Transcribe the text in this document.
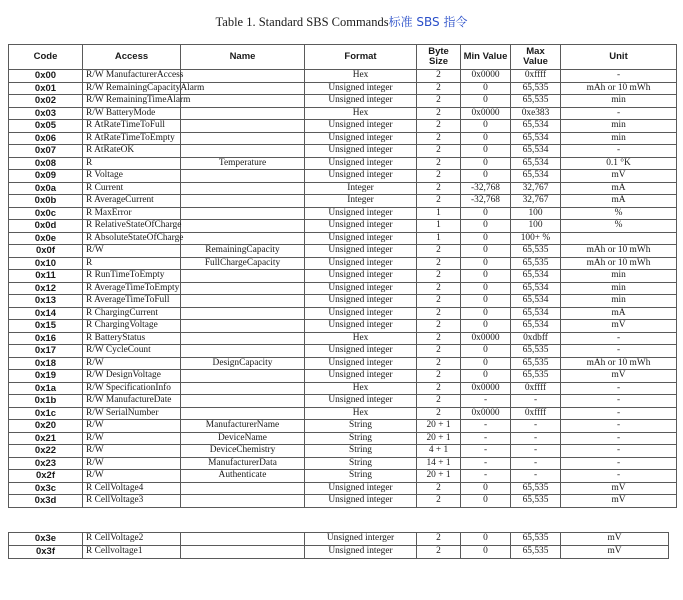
Table 1. Standard SBS Commands标准 SBS 指令
Code	Access	Name	Format	Byte Size	Min Value	Max Value	Unit
0x00	R/W ManufacturerAccess		Hex	2	0x0000	0xffff	-
0x01	R/W RemainingCapacityAlarm		Unsigned integer	2	0	65,535	mAh or 10 mWh
0x02	R/W RemainingTimeAlarm		Unsigned integer	2	0	65,535	min
0x03	R/W BatteryMode		Hex	2	0x0000	0xe383	-
0x05	R AtRateTimeToFull		Unsigned integer	2	0	65,534	min
0x06	R AtRateTimeToEmpty		Unsigned integer	2	0	65,534	min
0x07	R AtRateOK		Unsigned integer	2	0	65,534	-
0x08	R	Temperature	Unsigned integer	2	0	65,534	0.1 °K
0x09	R Voltage		Unsigned integer	2	0	65,534	mV
0x0a	R Current		Integer	2	-32,768	32,767	mA
0x0b	R AverageCurrent		Integer	2	-32,768	32,767	mA
0x0c	R MaxError		Unsigned integer	1	0	100	%
0x0d	R RelativeStateOfCharge		Unsigned integer	1	0	100	%
0x0e	R AbsoluteStateOfCharge		Unsigned integer	1	0	100+ %	
0x0f	R/W	RemainingCapacity	Unsigned integer	2	0	65,535	mAh or 10 mWh
0x10	R	FullChargeCapacity	Unsigned integer	2	0	65,535	mAh or 10 mWh
0x11	R RunTimeToEmpty		Unsigned integer	2	0	65,534	min
0x12	R AverageTimeToEmpty		Unsigned integer	2	0	65,534	min
0x13	R AverageTimeToFull		Unsigned integer	2	0	65,534	min
0x14	R ChargingCurrent		Unsigned integer	2	0	65,534	mA
0x15	R ChargingVoltage		Unsigned integer	2	0	65,534	mV
0x16	R BatteryStatus		Hex	2	0x0000	0xdbff	-
0x17	R/W CycleCount		Unsigned integer	2	0	65,535	-
0x18	R/W	DesignCapacity	Unsigned integer	2	0	65,535	mAh or 10 mWh
0x19	R/W DesignVoltage		Unsigned integer	2	0	65,535	mV
0x1a	R/W SpecificationInfo		Hex	2	0x0000	0xffff	-
0x1b	R/W ManufactureDate		Unsigned integer	2	-	-	-
0x1c	R/W SerialNumber		Hex	2	0x0000	0xffff	-
0x20	R/W	ManufacturerName	String	20 + 1	-	-	-
0x21	R/W	DeviceName	String	20 + 1	-	-	-
0x22	R/W	DeviceChemistry	String	4 + 1	-	-	-
0x23	R/W	ManufacturerData	String	14 + 1	-	-	-
0x2f	R/W	Authenticate	String	20 + 1	-	-	-
0x3c	R CellVoltage4		Unsigned integer	2	0	65,535	mV
0x3d	R CellVoltage3		Unsigned integer	2	0	65,535	mV
0x3e	R CellVoltage2		Unsigned interger	2	0	65,535	mV
0x3f	R Cellvoltage1		Unsigned integer	2	0	65,535	mV
